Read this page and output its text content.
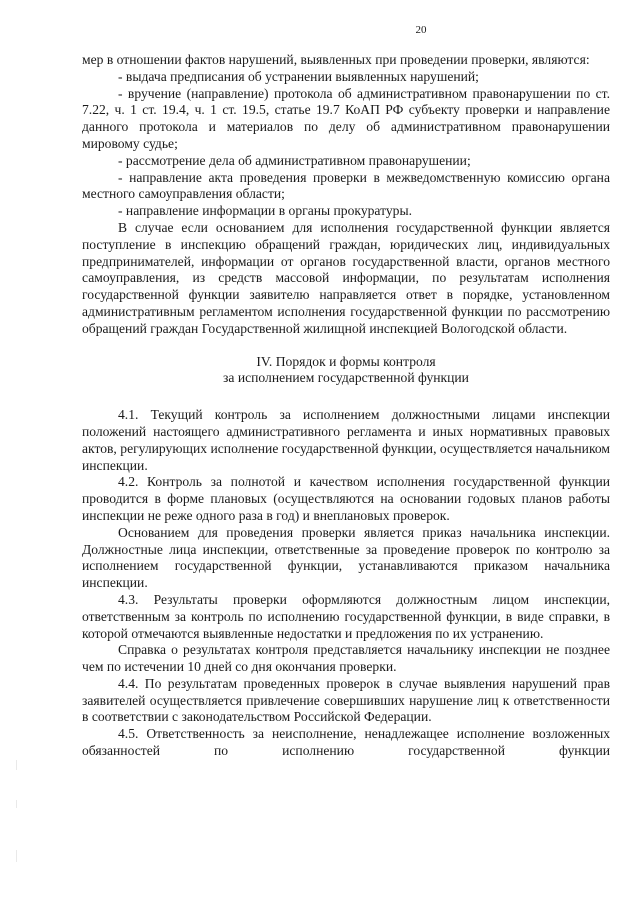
20

мер в отношении фактов нарушений, выявленных при проведении проверки, являются:

- выдача предписания об устранении выявленных нарушений;

- вручение (направление) протокола об административном правонарушении по ст. 7.22, ч. 1 ст. 19.4, ч. 1 ст. 19.5, статье 19.7 КоАП РФ субъекту проверки и направление данного протокола и материалов по делу об административном правонарушении мировому судье;

- рассмотрение дела об административном правонарушении;

- направление акта проведения проверки в межведомственную комиссию органа местного самоуправления области;

- направление информации в органы прокуратуры.

В случае если основанием для исполнения государственной функции является поступление в инспекцию обращений граждан, юридических лиц, индивидуальных предпринимателей, информации от органов государственной власти, органов местного самоуправления, из средств массовой информации, по результатам исполнения государственной функции заявителю направляется ответ в порядке, установленном административным регламентом исполнения государственной функции по рассмотрению обращений граждан Государственной жилищной инспекцией Вологодской области.

IV. Порядок и формы контроля
за исполнением государственной функции

4.1. Текущий контроль за исполнением должностными лицами инспекции положений настоящего административного регламента и иных нормативных правовых актов, регулирующих исполнение государственной функции, осуществляется начальником инспекции.

4.2. Контроль за полнотой и качеством исполнения государственной функции проводится в форме плановых (осуществляются на основании годовых планов работы инспекции не реже одного раза в год) и внеплановых проверок.

Основанием для проведения проверки является приказ начальника инспекции. Должностные лица инспекции, ответственные за проведение проверок по контролю за исполнением государственной функции, устанавливаются приказом начальника инспекции.

4.3. Результаты проверки оформляются должностным лицом инспекции, ответственным за контроль по исполнению государственной функции, в виде справки, в которой отмечаются выявленные недостатки и предложения по их устранению.

Справка о результатах контроля представляется начальнику инспекции не позднее чем по истечении 10 дней со дня окончания проверки.

4.4. По результатам проведенных проверок в случае выявления нарушений прав заявителей осуществляется привлечение совершивших нарушение лиц к ответственности в соответствии с законодательством Российской Федерации.

4.5. Ответственность за неисполнение, ненадлежащее исполнение возложенных обязанностей по исполнению государственной функции
